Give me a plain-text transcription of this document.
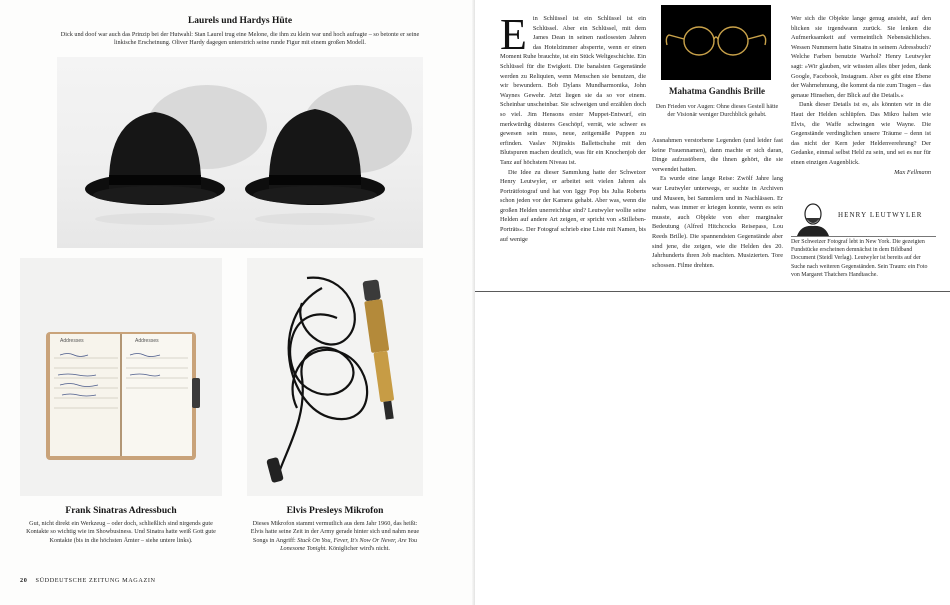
Laurels und Hardys Hüte
Dick und doof war auch das Prinzip bei der Hutwahl: Stan Laurel trug eine Melone, die ihm zu klein war und hoch aufragte – so betonte er seine linkische Erscheinung. Oliver Hardy dagegen unterstrich seine runde Figur mit einem großen Modell.
Addresses	Addresses
Frank Sinatras Adressbuch
Gut, nicht direkt ein Werkzeug – oder doch, schließlich sind nirgends gute Kontakte so wichtig wie im Showbusiness. Und Sinatra hatte weiß Gott gute Kontakte (bis in die höchsten Ämter – siehe untere links).
Elvis Presleys Mikrofon
Dieses Mikrofon stammt vermutlich aus dem Jahr 1960, das heißt: Elvis hatte seine Zeit in der Army gerade hinter sich und nahm neue Songs in Angriff: Stuck On You, Fever, It's Now Or Never, Are You Lonesome Tonight. Königlicher wird's nicht.
20 SÜDDEUTSCHE ZEITUNG MAGAZIN
E in Schlüssel ist ein Schlüssel ist ein Schlüssel. Aber ein Schlüssel, mit dem James Dean in seinen rastlosesten Jahren das Hotelzimmer absperrte, wenn er einen Moment Ruhe brauchte, ist ein Stück Weltgeschichte. Ein Schlüssel für die Ewigkeit. Die banalsten Gegenstände werden zu Reliquien, wenn Menschen sie benutzen, die wir bewundern. Bob Dylans Mundharmonika, John Waynes Gewehr. Jetzt liegen sie da so vor einem. Scheinbar unscheinbar. Sie schweigen und erzählen doch so viel. Jim Hensons erster Muppet-Entwurf, ein merkwürdig düsteres Geschöpf, verrät, wie schwer es gewesen sein muss, neue, zeitgemäße Puppen zu erfinden. Vaslav Nijinskis Ballettschuhe mit den Blutspuren machen deutlich, was für ein Knochenjob der Tanz auf höchstem Niveau ist.

Die Idee zu dieser Sammlung hatte der Schweizer Henry Leutwyler, er arbeitet seit vielen Jahren als Porträtfotograf und hat von Iggy Pop bis Julia Roberts schon jeden vor der Kamera gehabt. Aber was, wenn die großen Helden unerreichbar sind? Leutwyler wollte seine Helden auf andere Art zeigen, er spricht von »Stilleben-Porträts«. Der Fotograf schrieb eine Liste mit Namen, bis auf wenige

Mahatma Gandhis Brille
Den Frieden vor Augen: Ohne dieses Gestell hätte der Visionär weniger Durchblick gehabt.

Ausnahmen verstorbene Legenden (und leider fast keine Frauennamen), dann machte er sich daran, Dinge aufzustöbern, die ihnen gehört, die sie verwendet hatten.

Es wurde eine lange Reise: Zwölf Jahre lang war Leutwyler unterwegs, er suchte in Archiven und Museen, bei Sammlern und in Nachlässen. Er nahm, was immer er kriegen konnte, wenn es sein musste, auch Objekte von eher marginaler Bedeutung (Alfred Hitchcocks Reisepass, Lou Reeds Brille). Die spannendsten Gegenstände aber sind jene, die zeigen, wie die Helden des 20. Jahrhunderts ihren Job machten. Musizierten. Tore schossen. Filme drehten.

Wer sich die Objekte lange genug ansieht, auf den blicken sie irgendwann zurück. Sie lenken die Aufmerksamkeit auf vermeintlich Nebensächliches. Wessen Nummern hatte Sinatra in seinem Adressbuch? Welche Farben benutzte Warhol? Henry Leutwyler sagt: »Wir glauben, wir wüssten alles über jeden, dank Google, Facebook, Instagram. Aber es gibt eine Ebene der Wahrnehmung, die kommt da nie zum Tragen – das genaue Hinsehen, der Blick auf die Details.«

Dank dieser Details ist es, als könnten wir in die Haut der Helden schlüpfen. Das Mikro halten wie Elvis, die Waffe schwingen wie Wayne. Die Gegenstände verdinglichen unsere Träume – denn ist das nicht der Kern jeder Heldenverehrung? Der Gedanke, einmal selbst Held zu sein, und sei es nur für einen einzigen Augenblick.

Max Fellmann
HENRY LEUTWYLER
Der Schweizer Fotograf lebt in New York. Die gezeigten Fundstücke erscheinen demnächst in dem Bildband Document (Steidl Verlag). Leutwyler ist bereits auf der Suche nach weiteren Gegenständen. Sein Traum: ein Foto von Margaret Thatchers Handtasche.
